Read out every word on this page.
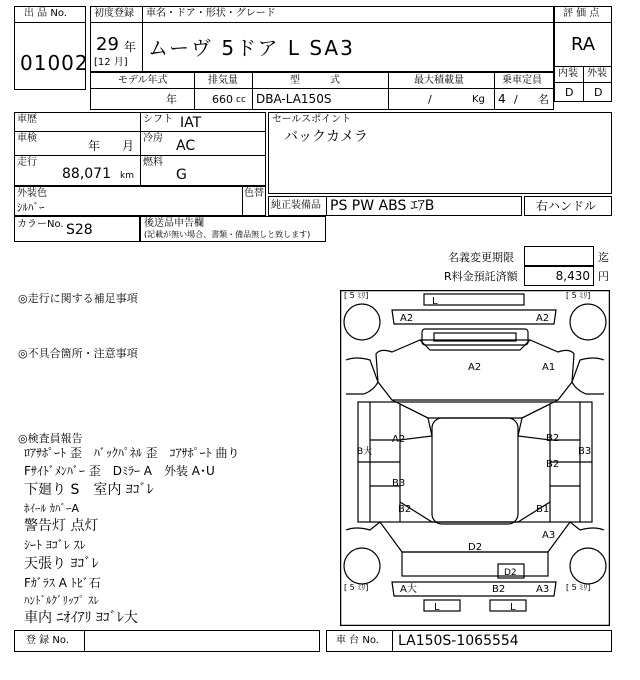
出 品 No.
01002
初度登録 車名・ドア・形状・グレード
29 年
[12 月]
ムーヴ 5ドア L SA3
評 価 点
RA
内装 外装
D D
モデル年式	排気量	型　　　式	最大積載量	乗車定員
年	660 cc DBA-LA150S	/	Kg 4 / 名
車歴	シフト IAT
車検
年 月
冷房 AC
走行
88,071 km
燃料
G
セールスポイント
バックカメラ
外装色
ｼﾙﾊﾞｰ
色替
純正装備品 PS PW ABS ｴｱB	右ハンドル
カラーNo. S28	後送品申告欄
(記載が無い場合、書類・備品無しと致します)
名義変更期限	迄
R料金預託済額	8,430 円
◎走行に関する補足事項
◎不具合箇所・注意事項
◎検査員報告
ﾛｱｻﾎﾟｰﾄ 歪　ﾊﾞｯｸﾊﾟﾈﾙ 歪　ｺｱｻﾎﾟｰﾄ 曲り
Fｻｲﾄﾞﾒﾝﾊﾞｰ 歪　Dﾐﾗｰ A　外装 A･U
下廻り S　室内 ﾖｺﾞﾚ
ﾎｲｰﾙ ｶﾊﾞｰA
警告灯 点灯
ｼｰﾄ ﾖｺﾞﾚ ｽﾚ
天張り ﾖｺﾞﾚ
Fｶﾞﾗｽ A ﾄﾋﾞ石
ﾊﾝﾄﾞﾙｸﾞﾘｯﾌﾟ ｽﾚ
車内 ﾆｵｲｱﾘ ﾖｺﾞﾚ大
[ 5 ﾐﾘ]	[ 5 ﾐﾘ]
[ 5 ﾐﾘ]	[ 5 ﾐﾘ]
L
A2	A2
A2	A1
A2
B大
B3
B2
B2
B2
B3
B1
A3
D2
D2
A大	B2	A3
L	L
登 録 No.	車 台 No. LA150S-1065554
